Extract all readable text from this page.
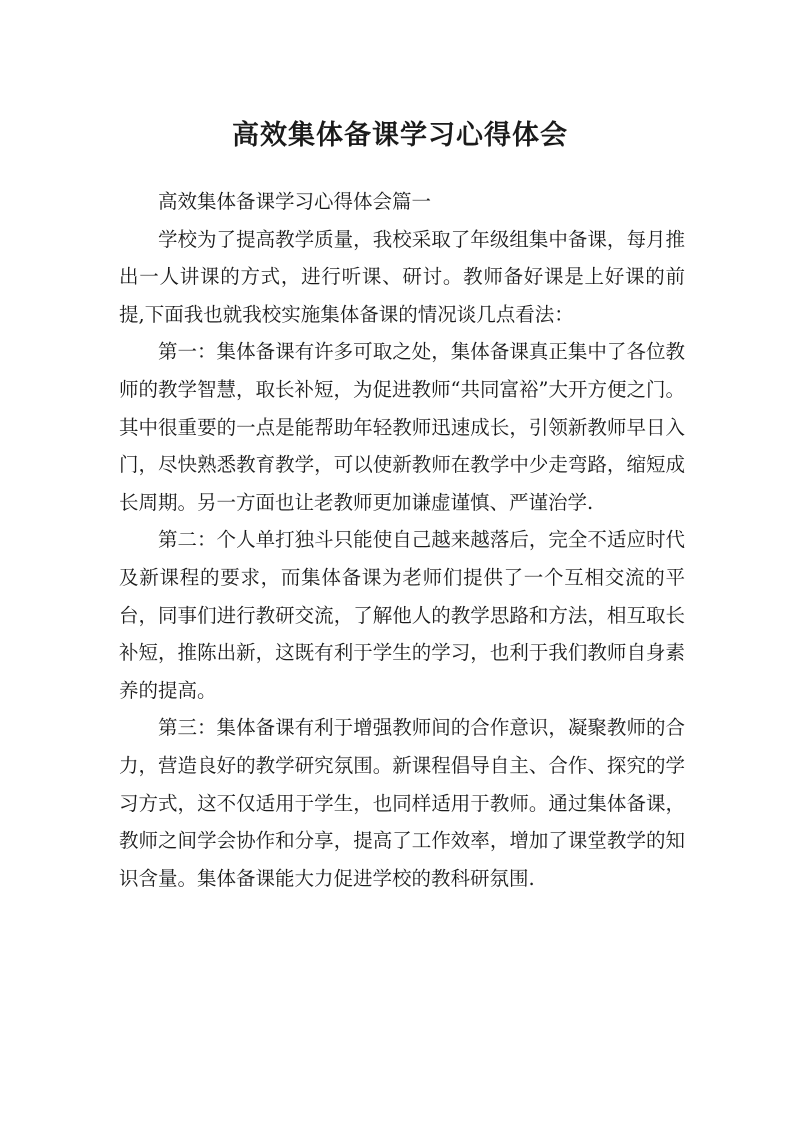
高效集体备课学习心得体会

高效集体备课学习心得体会篇一

学校为了提高教学质量，我校采取了年级组集中备课，每月推出一人讲课的方式，进行听课、研讨。教师备好课是上好课的前提,下面我也就我校实施集体备课的情况谈几点看法：

第一：集体备课有许多可取之处，集体备课真正集中了各位教师的教学智慧，取长补短，为促进教师“共同富裕”大开方便之门。其中很重要的一点是能帮助年轻教师迅速成长，引领新教师早日入门，尽快熟悉教育教学，可以使新教师在教学中少走弯路，缩短成长周期。另一方面也让老教师更加谦虚谨慎、严谨治学.

第二：个人单打独斗只能使自己越来越落后，完全不适应时代及新课程的要求，而集体备课为老师们提供了一个互相交流的平台，同事们进行教研交流，了解他人的教学思路和方法，相互取长补短，推陈出新，这既有利于学生的学习，也利于我们教师自身素养的提高。

第三：集体备课有利于增强教师间的合作意识，凝聚教师的合力，营造良好的教学研究氛围。新课程倡导自主、合作、探究的学习方式，这不仅适用于学生，也同样适用于教师。通过集体备课，教师之间学会协作和分享，提高了工作效率，增加了课堂教学的知识含量。集体备课能大力促进学校的教科研氛围.
